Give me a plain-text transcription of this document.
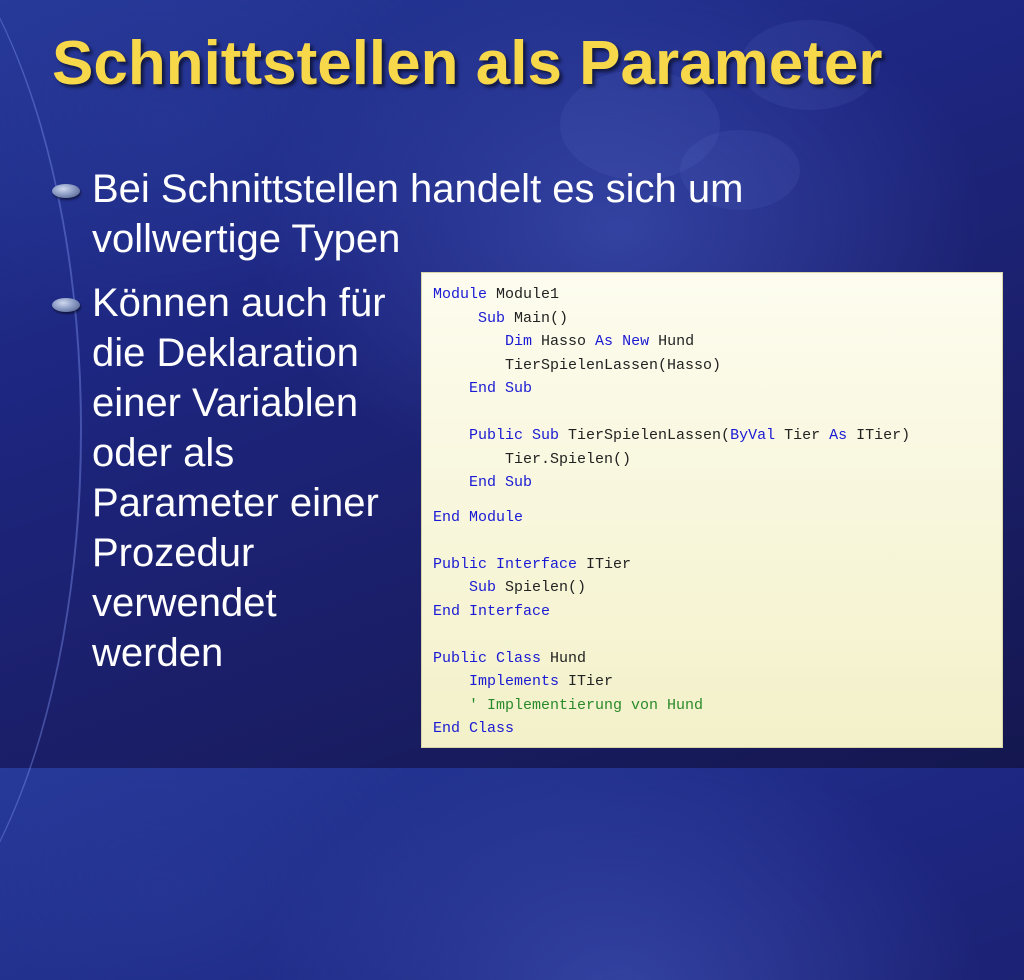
Schnittstellen als Parameter
Bei Schnittstellen handelt es sich um vollwertige Typen
Können auch für die Deklaration einer Variablen oder als Parameter einer Prozedur verwendet werden
Module Module1
Sub Main()
Dim Hasso As New Hund
TierSpielenLassen(Hasso)
End Sub
Public Sub TierSpielenLassen(ByVal Tier As ITier)
Tier.Spielen()
End Sub
End Module
Public Interface ITier
Sub Spielen()
End Interface
Public Class Hund
Implements ITier
' Implementierung von Hund
End Class
